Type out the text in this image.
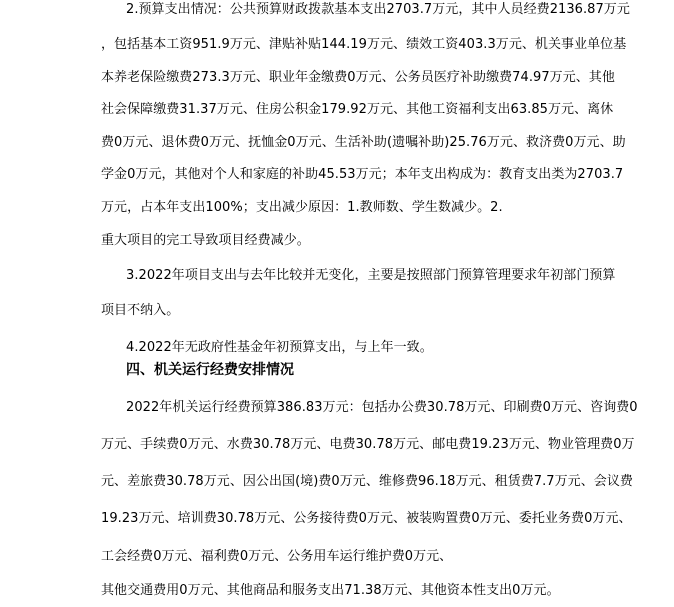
2.预算支出情况：公共预算财政拨款基本支出2703.7万元，其中人员经费2136.87万元
，包括基本工资951.9万元、津贴补贴144.19万元、绩效工资403.3万元、机关事业单位基
本养老保险缴费273.3万元、职业年金缴费0万元、公务员医疗补助缴费74.97万元、其他
社会保障缴费31.37万元、住房公积金179.92万元、其他工资福利支出63.85万元、离休
费0万元、退休费0万元、抚恤金0万元、生活补助(遗嘱补助)25.76万元、救济费0万元、助
学金0万元，其他对个人和家庭的补助45.53万元；本年支出构成为：教育支出类为2703.7
万元，占本年支出100%；支出减少原因：1.教师数、学生数减少。2.
重大项目的完工导致项目经费减少。
3.2022年项目支出与去年比较并无变化，主要是按照部门预算管理要求年初部门预算
项目不纳入。
4.2022年无政府性基金年初预算支出，与上年一致。
四、机关运行经费安排情况
2022年机关运行经费预算386.83万元：包括办公费30.78万元、印刷费0万元、咨询费0
万元、手续费0万元、水费30.78万元、电费30.78万元、邮电费19.23万元、物业管理费0万
元、差旅费30.78万元、因公出国(境)费0万元、维修费96.18万元、租赁费7.7万元、会议费
19.23万元、培训费30.78万元、公务接待费0万元、被装购置费0万元、委托业务费0万元、
工会经费0万元、福利费0万元、公务用车运行维护费0万元、
其他交通费用0万元、其他商品和服务支出71.38万元、其他资本性支出0万元。
